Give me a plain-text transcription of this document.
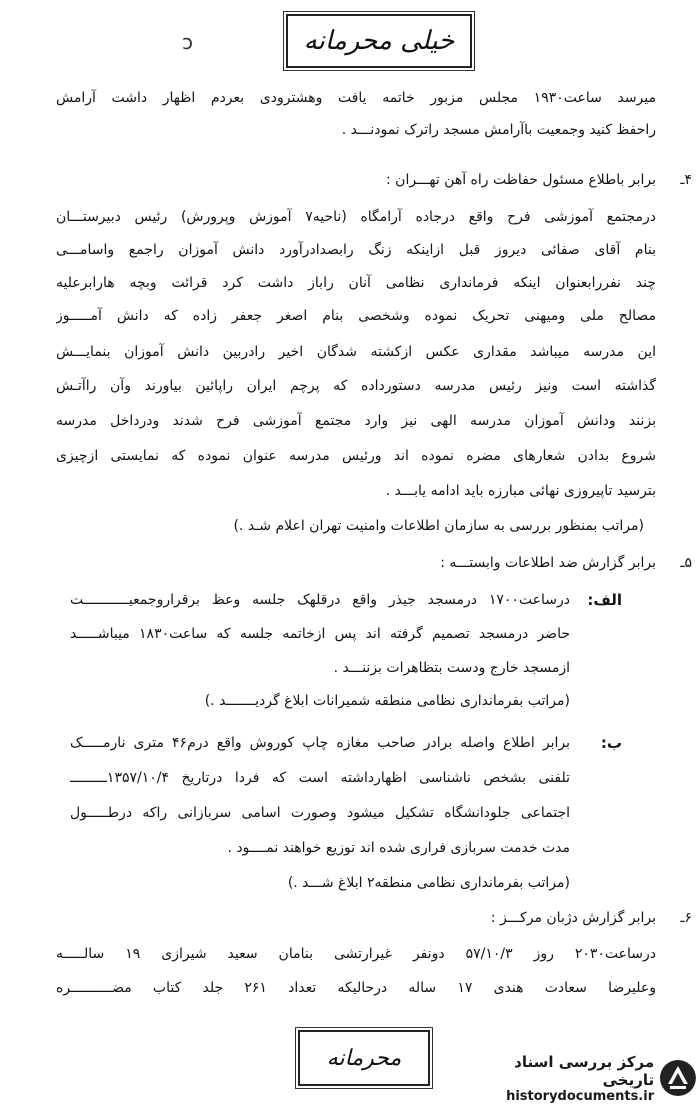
خیلی محرمانه
ↄ
میرسد ساعت۱۹۳۰ مجلس مزبور خاتمه یافت وهشترودی بعردم اظهار داشت آرامش
راحفظ کنید وجمعیت باآرامش مسجد راترک نمودنـــد .
۴ـ
برابر باطلاع مسئول حفاظت راه آهن تهـــران :
درمجتمع آموزشی فرح واقع درجاده آرامگاه (ناحیه۷ آموزش وپرورش) رئیس دبیرستـــان
بنام آقای صفائی دیروز قبل ازاینکه زنگ رابصدادرآورد دانش آموزان راجمع واسامـــی
چند نفررابعنوان اینکه فرمانداری نظامی آنان راباز داشت کرد قرائت وبچه هارابرعلیه
مصالح ملی ومیهنی تحریک نموده وشخصی بنام اصغر جعفر زاده که دانش آمـــــوز
این مدرسه میباشد مقداری عکس ازکشته شدگان اخیر رادربین دانش آموزان بنمایـــش
گذاشته است ونیز رئیس مدرسه دستورداده که پرچم ایران راپائین بیاورند وآن راآتـش
بزنند ودانش آموزان مدرسه الهی نیز وارد مجتمع آموزشی فرح شدند ودرداخل مدرسه
شروع بدادن شعارهای مضره نموده اند ورئیس مدرسه عنوان نموده که نمایستی ازچیزی
بترسید تاپیروزی نهائی مبارزه باید ادامه یابـــد .
(مراتب بمنظور بررسی به سازمان اطلاعات وامنیت تهران اعلام شـد .)
۵ـ
برابر گزارش ضد اطلاعات وابستـــه :
الف:
درساعت۱۷۰۰ درمسجد جیذر واقع درقلهک جلسه وعظ برقراروجمعیـــــــــــت
حاضر درمسجد تصمیم گرفته اند پس ازخاتمه جلسه که ساعت۱۸۳۰ میباشـــــد
ازمسجد خارج ودست بتظاهرات بزننـــد .
(مراتب بفرمانداری نظامی منطقه شمیرانات ابلاغ گردیـــــــد .)
ب:
برابر اطلاع واصله برادر صاحب مغازه چاپ کوروش واقع درم۴۶ متری نارمـــــک
تلفنی بشخص ناشناسی اظهارداشته است که فردا درتاریخ ۱۳۵۷/۱۰/۴ـــــــــ
اجتماعی جلودانشگاه تشکیل میشود وصورت اسامی سربازانی راکه درطـــــول
مدت خدمت سربازی فراری شده اند توزیع خواهند نمــــود .
(مراتب بفرمانداری نظامی منطقه۲ ابلاغ شـــد .)
۶ـ
برابر گزارش دژبان مرکـــز :
درساعت۲۰۳۰ روز ۵۷/۱۰/۳ دونفر غیرارتشی بنامان سعید شیرازی ۱۹ سالـــــه
وعلیرضا سعادت هندی ۱۷ ساله درحالیکه تعداد ۲۶۱ جلد کتاب مضــــــــــره
محرمانه	مرکز بررسی اسناد تاریخی
historydocuments.ir
